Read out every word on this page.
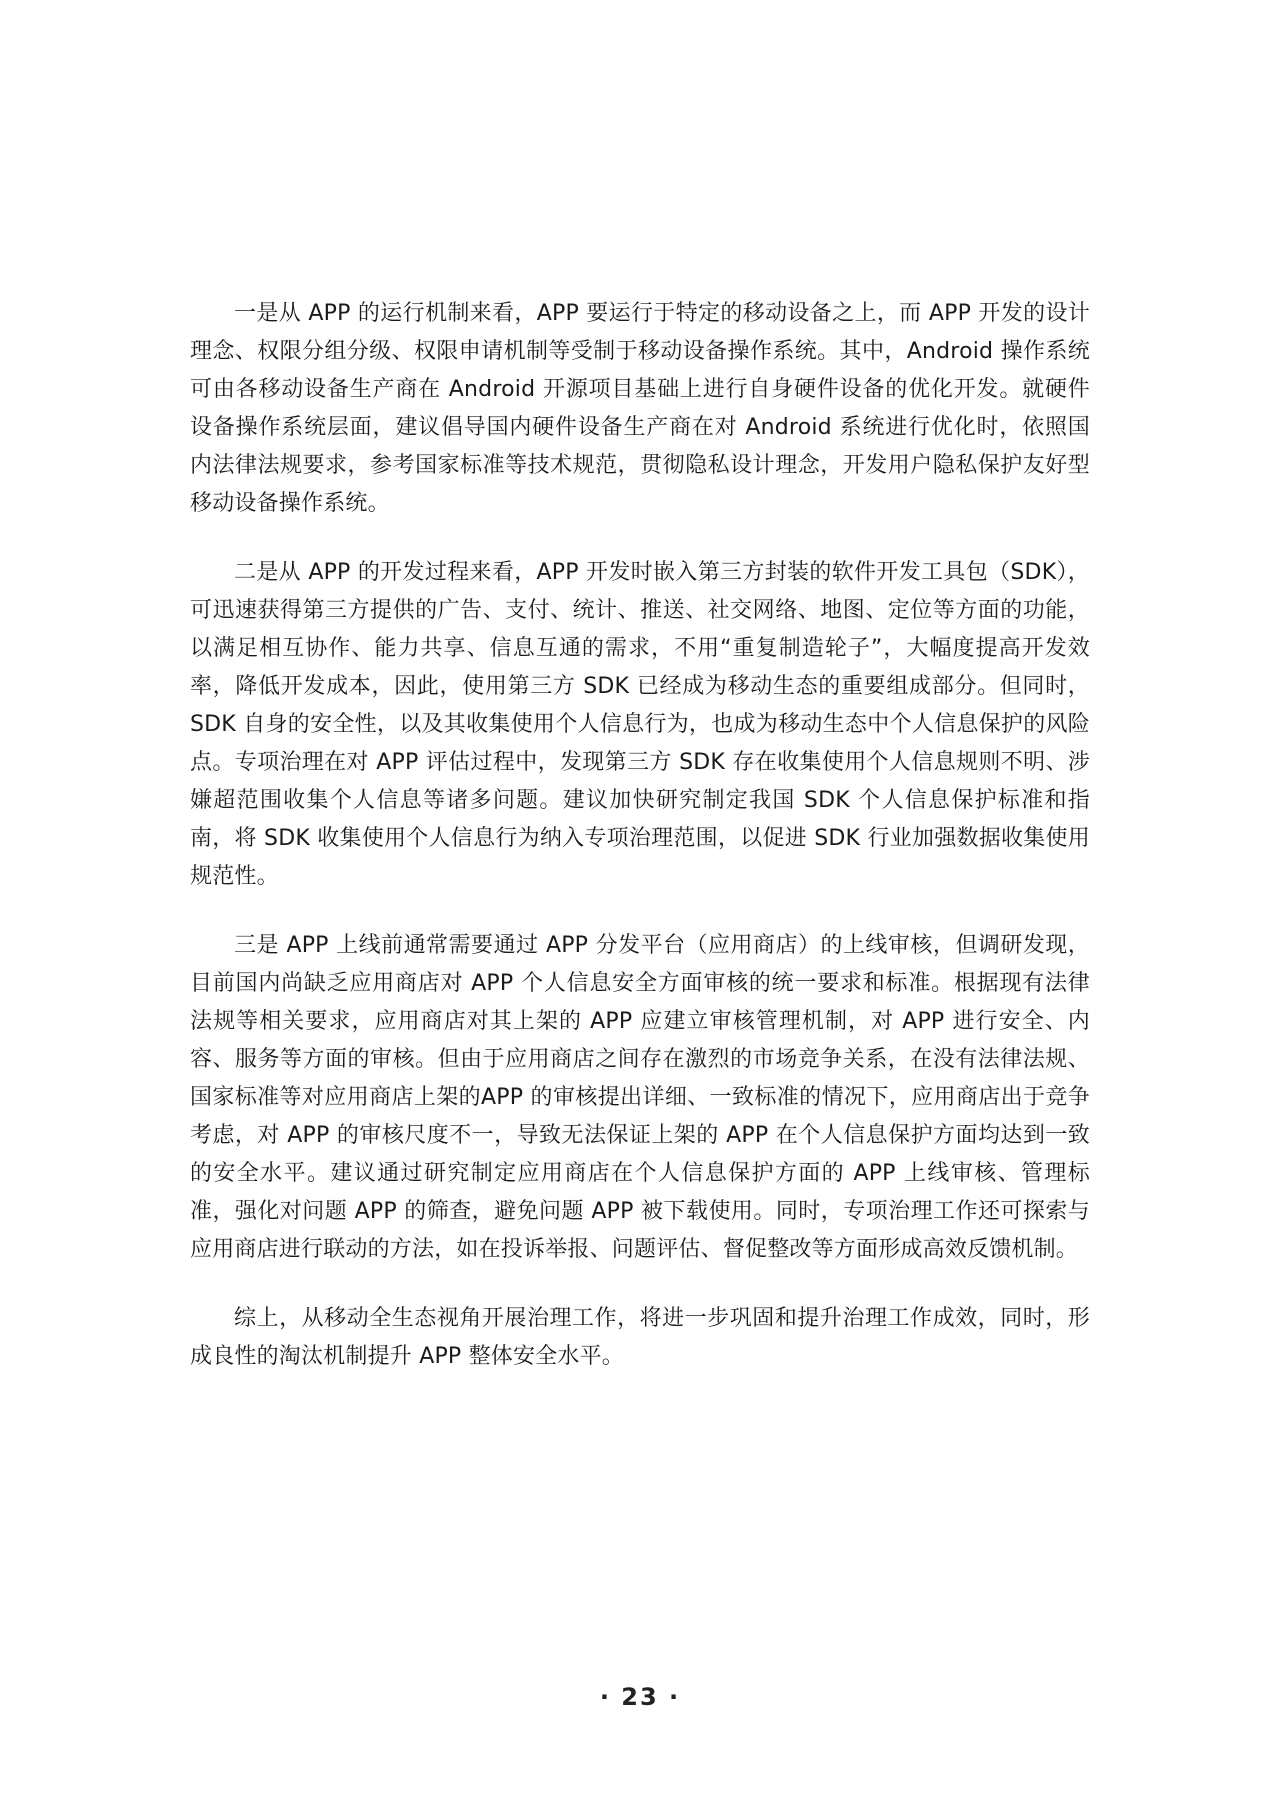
一是从 APP 的运行机制来看，APP 要运行于特定的移动设备之上，而 APP 开发的设计理念、权限分组分级、权限申请机制等受制于移动设备操作系统。其中，Android 操作系统可由各移动设备生产商在 Android 开源项目基础上进行自身硬件设备的优化开发。就硬件设备操作系统层面，建议倡导国内硬件设备生产商在对 Android 系统进行优化时，依照国内法律法规要求，参考国家标准等技术规范，贯彻隐私设计理念，开发用户隐私保护友好型移动设备操作系统。

二是从 APP 的开发过程来看，APP 开发时嵌入第三方封装的软件开发工具包（SDK），可迅速获得第三方提供的广告、支付、统计、推送、社交网络、地图、定位等方面的功能，以满足相互协作、能力共享、信息互通的需求，不用“重复制造轮子”，大幅度提高开发效率，降低开发成本，因此，使用第三方 SDK 已经成为移动生态的重要组成部分。但同时，SDK 自身的安全性，以及其收集使用个人信息行为，也成为移动生态中个人信息保护的风险点。专项治理在对 APP 评估过程中，发现第三方 SDK 存在收集使用个人信息规则不明、涉嫌超范围收集个人信息等诸多问题。建议加快研究制定我国 SDK 个人信息保护标准和指南，将 SDK 收集使用个人信息行为纳入专项治理范围，以促进 SDK 行业加强数据收集使用规范性。

三是 APP 上线前通常需要通过 APP 分发平台（应用商店）的上线审核，但调研发现，目前国内尚缺乏应用商店对 APP 个人信息安全方面审核的统一要求和标准。根据现有法律法规等相关要求，应用商店对其上架的 APP 应建立审核管理机制，对 APP 进行安全、内容、服务等方面的审核。但由于应用商店之间存在激烈的市场竞争关系，在没有法律法规、国家标准等对应用商店上架的APP 的审核提出详细、一致标准的情况下，应用商店出于竞争考虑，对 APP 的审核尺度不一，导致无法保证上架的 APP 在个人信息保护方面均达到一致的安全水平。建议通过研究制定应用商店在个人信息保护方面的 APP 上线审核、管理标准，强化对问题 APP 的筛查，避免问题 APP 被下载使用。同时，专项治理工作还可探索与应用商店进行联动的方法，如在投诉举报、问题评估、督促整改等方面形成高效反馈机制。

综上，从移动全生态视角开展治理工作，将进一步巩固和提升治理工作成效，同时，形成良性的淘汰机制提升 APP 整体安全水平。

· 23 ·
